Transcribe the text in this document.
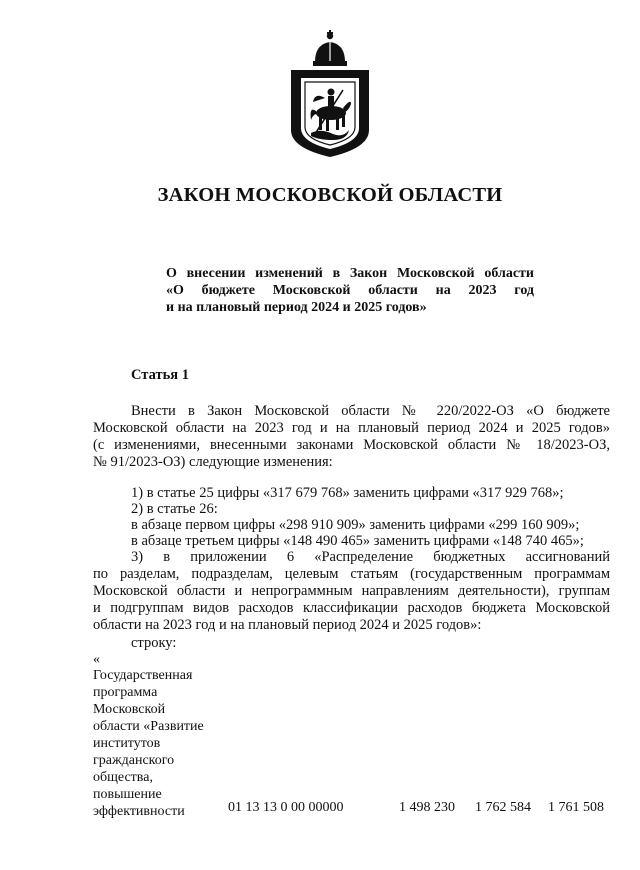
ЗАКОН МОСКОВСКОЙ ОБЛАСТИ
О внесении изменений в Закон Московской области
«О бюджете Московской области на 2023 год
и на плановый период 2024 и 2025 годов»
Статья 1
Внести в Закон Московской области № 220/2022-ОЗ «О бюджете
Московской области на 2023 год и на плановый период 2024 и 2025 годов»
(с изменениями, внесенными законами Московской области № 18/2023-ОЗ,
№ 91/2023-ОЗ) следующие изменения:
1) в статье 25 цифры «317 679 768» заменить цифрами «317 929 768»;
2) в статье 26:
в абзаце первом цифры «298 910 909» заменить цифрами «299 160 909»;
в абзаце третьем цифры «148 490 465» заменить цифрами «148 740 465»;
3) в приложении 6 «Распределение бюджетных ассигнований
по разделам, подразделам, целевым статьям (государственным программам
Московской области и непрограммным направлениям деятельности), группам
и подгруппам видов расходов классификации расходов бюджета Московской
области на 2023 год и на плановый период 2024 и 2025 годов»:
строку:
«
Государственная
программа
Московской
области «Развитие
институтов
гражданского
общества,
повышение
эффективности	01 13 13 0 00 00000	1 498 230 1 762 584 1 761 508
